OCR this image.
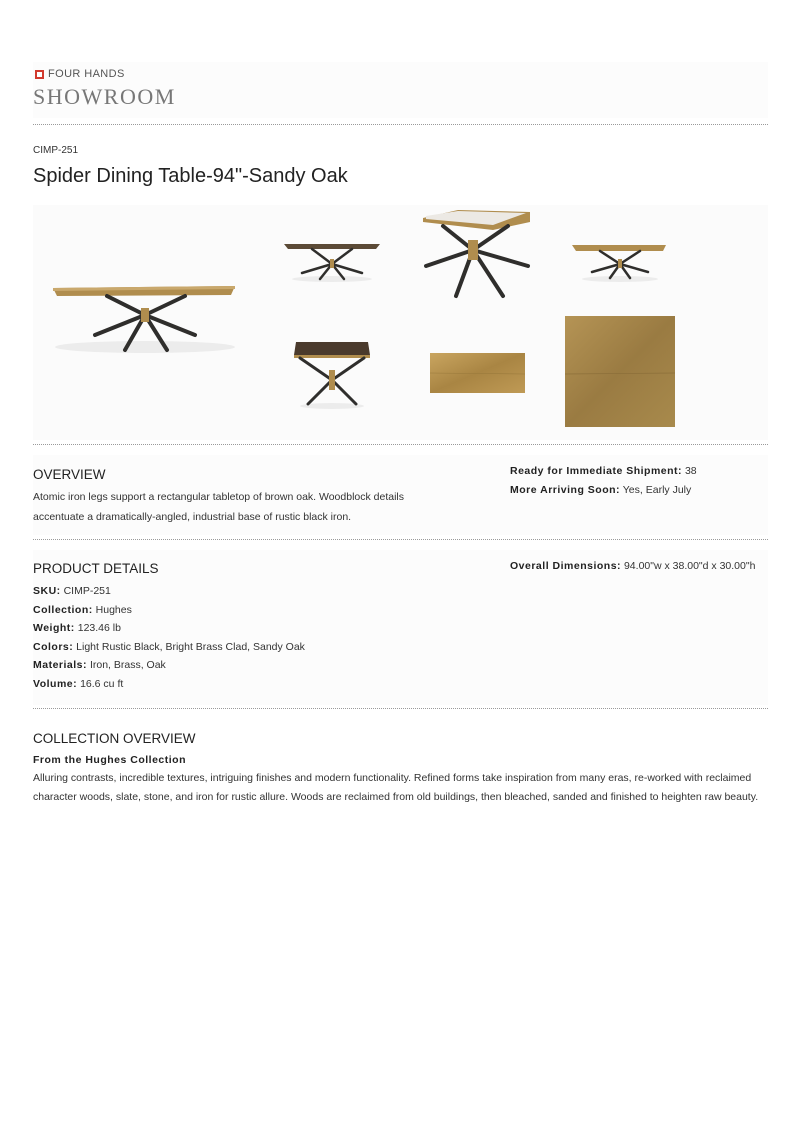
FOUR HANDS
SHOWROOM
CIMP-251
Spider Dining Table-94"-Sandy Oak
OVERVIEW
Atomic iron legs support a rectangular tabletop of brown oak. Woodblock details accentuate a dramatically-angled, industrial base of rustic black iron.
Ready for Immediate Shipment: 38
More Arriving Soon: Yes, Early July
PRODUCT DETAILS	Overall Dimensions: 94.00"w x 38.00"d x 30.00"h
SKU: CIMP-251
Collection: Hughes
Weight: 123.46 lb
Colors: Light Rustic Black, Bright Brass Clad, Sandy Oak
Materials: Iron, Brass, Oak
Volume: 16.6 cu ft
COLLECTION OVERVIEW
From the Hughes Collection
Alluring contrasts, incredible textures, intriguing finishes and modern functionality. Refined forms take inspiration from many eras, re-worked with reclaimed character woods, slate, stone, and iron for rustic allure. Woods are reclaimed from old buildings, then bleached, sanded and finished to heighten raw beauty.
